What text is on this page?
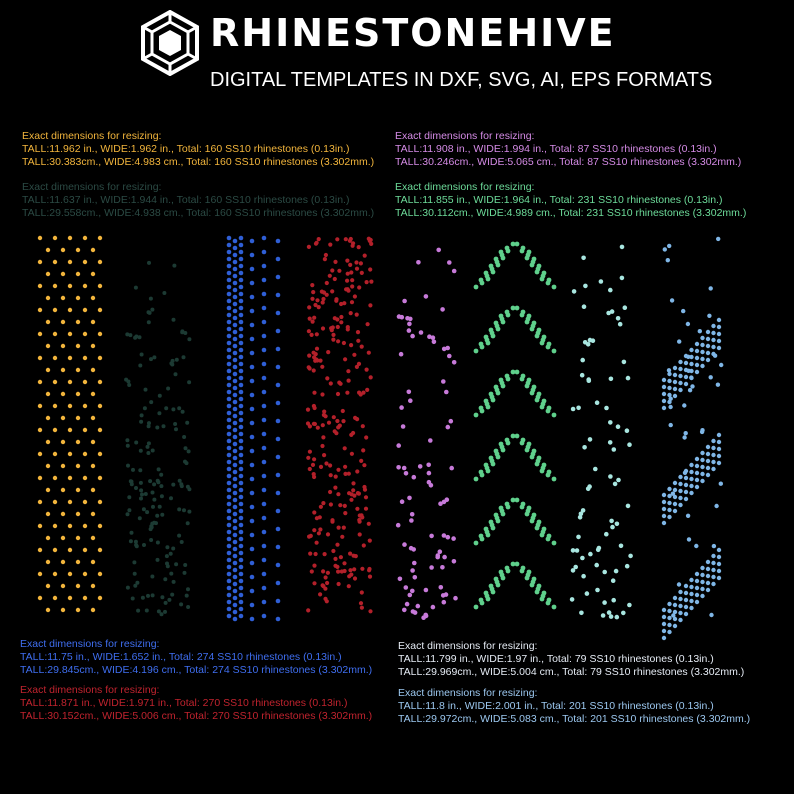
RHINESTONEHIVE
DIGITAL TEMPLATES IN DXF, SVG, AI, EPS FORMATS
Exact dimensions for resizing:
TALL:11.962 in., WIDE:1.962 in., Total: 160 SS10 rhinestones (0.13in.)
TALL:30.383cm., WIDE:4.983 cm., Total: 160 SS10 rhinestones (3.302mm.)
Exact dimensions for resizing:
TALL:11.637 in., WIDE:1.944 in., Total: 160 SS10 rhinestones (0.13in.)
TALL:29.558cm., WIDE:4.938 cm., Total: 160 SS10 rhinestones (3.302mm.)
Exact dimensions for resizing:
TALL:11.908 in., WIDE:1.994 in., Total: 87 SS10 rhinestones (0.13in.)
TALL:30.246cm., WIDE:5.065 cm., Total: 87 SS10 rhinestones (3.302mm.)
Exact dimensions for resizing:
TALL:11.855 in., WIDE:1.964 in., Total: 231 SS10 rhinestones (0.13in.)
TALL:30.112cm., WIDE:4.989 cm., Total: 231 SS10 rhinestones (3.302mm.)
Exact dimensions for resizing:
TALL:11.75 in., WIDE:1.652 in., Total: 274 SS10 rhinestones (0.13in.)
TALL:29.845cm., WIDE:4.196 cm., Total: 274 SS10 rhinestones (3.302mm.)
Exact dimensions for resizing:
TALL:11.871 in., WIDE:1.971 in., Total: 270 SS10 rhinestones (0.13in.)
TALL:30.152cm., WIDE:5.006 cm., Total: 270 SS10 rhinestones (3.302mm.)
Exact dimensions for resizing:
TALL:11.799 in., WIDE:1.97 in., Total: 79 SS10 rhinestones (0.13in.)
TALL:29.969cm., WIDE:5.004 cm., Total: 79 SS10 rhinestones (3.302mm.)
Exact dimensions for resizing:
TALL:11.8 in., WIDE:2.001 in., Total: 201 SS10 rhinestones (0.13in.)
TALL:29.972cm., WIDE:5.083 cm., Total: 201 SS10 rhinestones (3.302mm.)
